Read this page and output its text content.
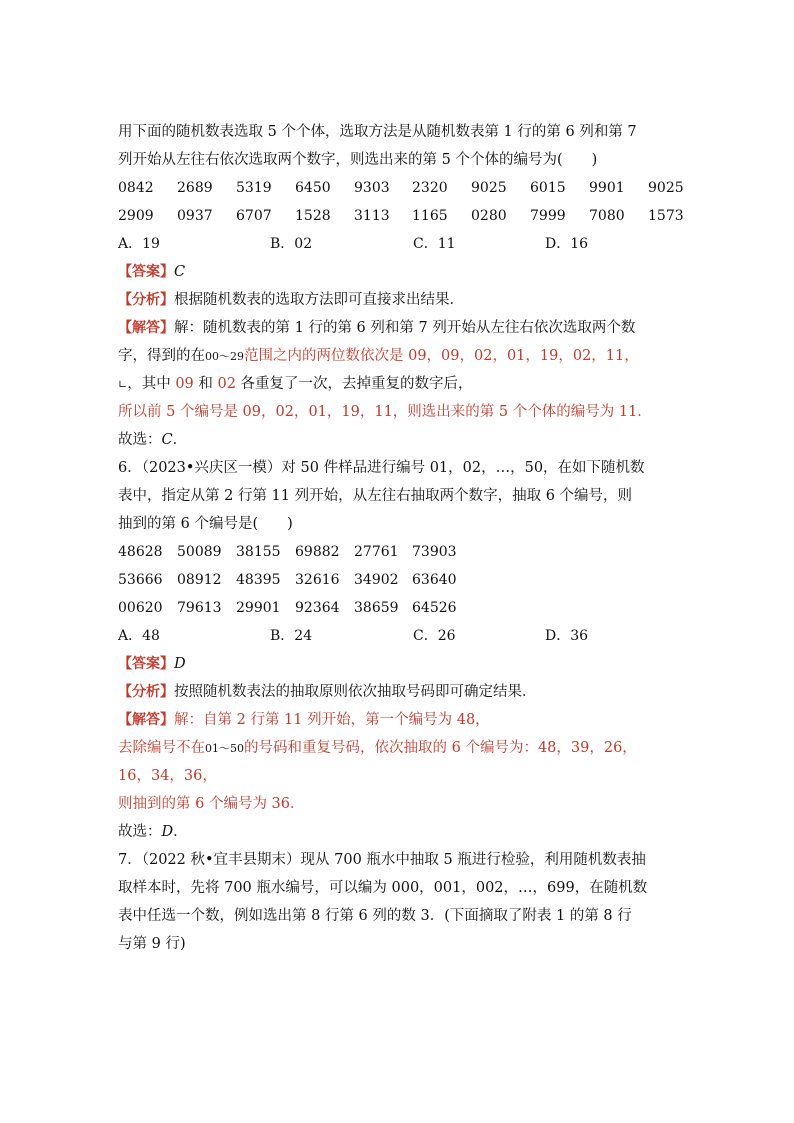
用下面的随机数表选取 5 个个体，选取方法是从随机数表第 1 行的第 6 列和第 7
列开始从左往右依次选取两个数字，则选出来的第 5 个个体的编号为(　　)
0842 2689 5319 6450 9303 2320 9025 6015 9901 9025
2909 0937 6707 1528 3113 1165 0280 7999 7080 1573
A．19	B．02	C．11	D．16
【答案】C
【分析】根据随机数表的选取方法即可直接求出结果．
【解答】解：随机数表的第 1 行的第 6 列和第 7 列开始从左往右依次选取两个数
字，得到的在00～29范围之内的两位数依次是 09，09，02，01，19，02，11，
∟，其中 09 和 02 各重复了一次，去掉重复的数字后，
所以前 5 个编号是 09，02，01，19，11，则选出来的第 5 个个体的编号为 11．
故选：C．
6．（2023•兴庆区一模）对 50 件样品进行编号 01，02，…，50，在如下随机数
表中，指定从第 2 行第 11 列开始，从左往右抽取两个数字，抽取 6 个编号，则
抽到的第 6 个编号是(　　)
48628 50089 38155 69882 27761 73903
53666 08912 48395 32616 34902 63640
00620 79613 29901 92364 38659 64526
A．48	B．24	C．26	D．36
【答案】D
【分析】按照随机数表法的抽取原则依次抽取号码即可确定结果．
【解答】解：自第 2 行第 11 列开始，第一个编号为 48，
去除编号不在01～50的号码和重复号码，依次抽取的 6 个编号为：48，39，26，
16，34，36，
则抽到的第 6 个编号为 36．
故选：D．
7．（2022 秋•宜丰县期末）现从 700 瓶水中抽取 5 瓶进行检验，利用随机数表抽
取样本时，先将 700 瓶水编号，可以编为 000，001，002，…，699，在随机数
表中任选一个数，例如选出第 8 行第 6 列的数 3．(下面摘取了附表 1 的第 8 行
与第 9 行)
